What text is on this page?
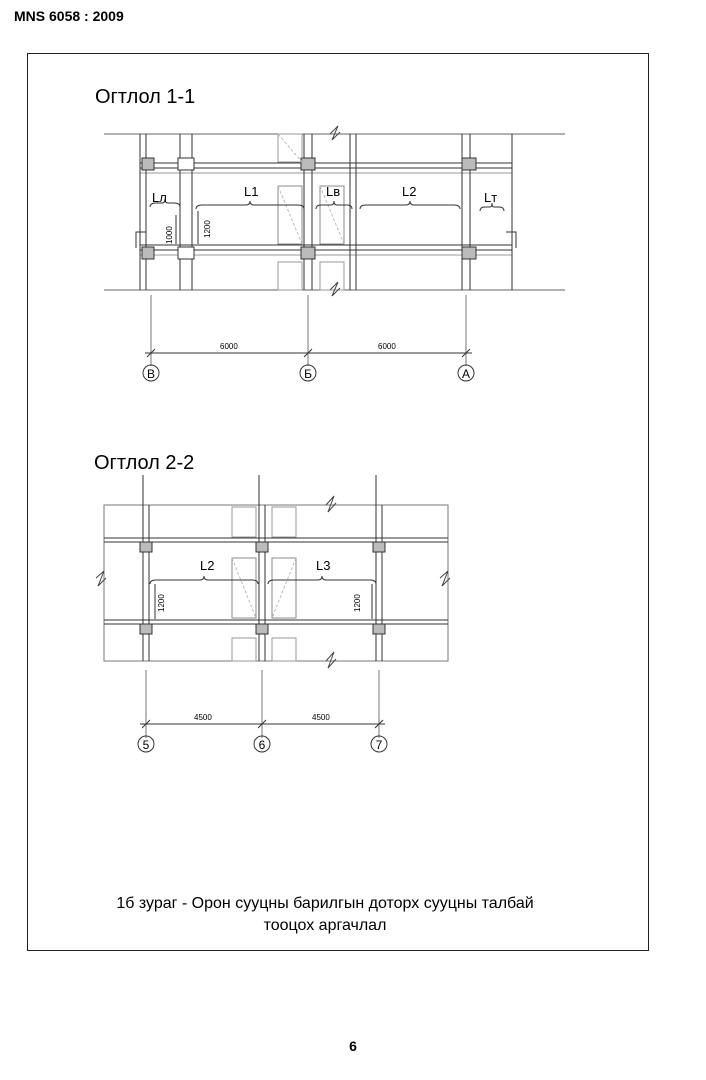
MNS 6058 : 2009
Огтлол 1-1
Огтлол 2-2
Lл	L1	Lв	L2	Lт
1000	1200
6000	6000
В	Б	А
L2	L3
1200	1200
4500	4500
5	6	7
1б зураг - Орон сууцны барилгын доторх сууцны талбай
тооцох аргачлал
6
